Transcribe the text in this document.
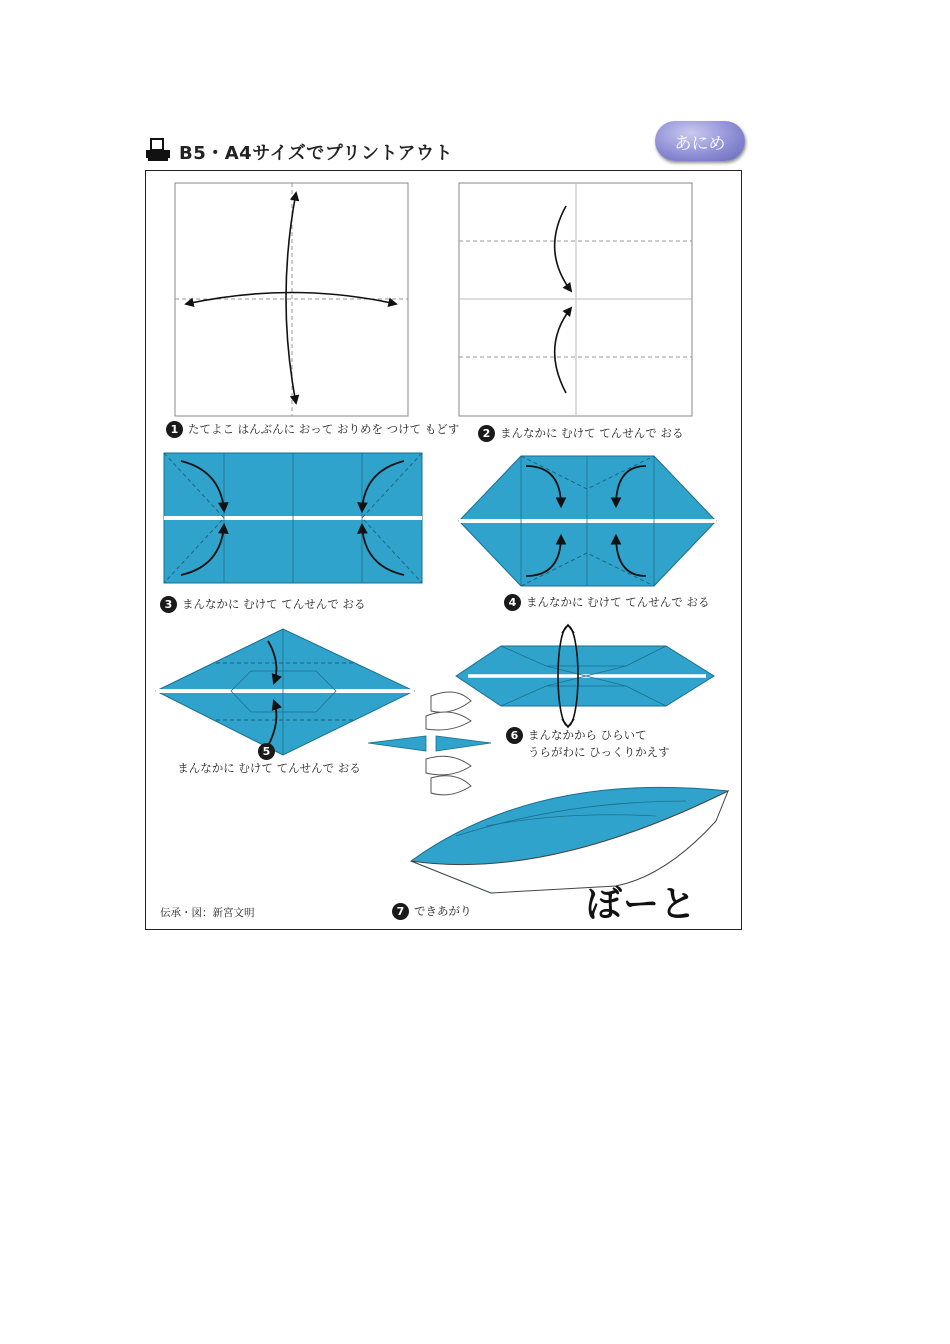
B5・A4サイズでプリントアウト	あにめ
1 たてよこ はんぶんに おって おりめを つけて もどす	2 まんなかに むけて てんせんで おる
3 まんなかに むけて てんせんで おる	4 まんなかに むけて てんせんで おる
5
まんなかに むけて てんせんで おる
6 まんなかから ひらいて
うらがわに ひっくりかえす
7 できあがり
伝承・図：新宮文明	ぼーと
